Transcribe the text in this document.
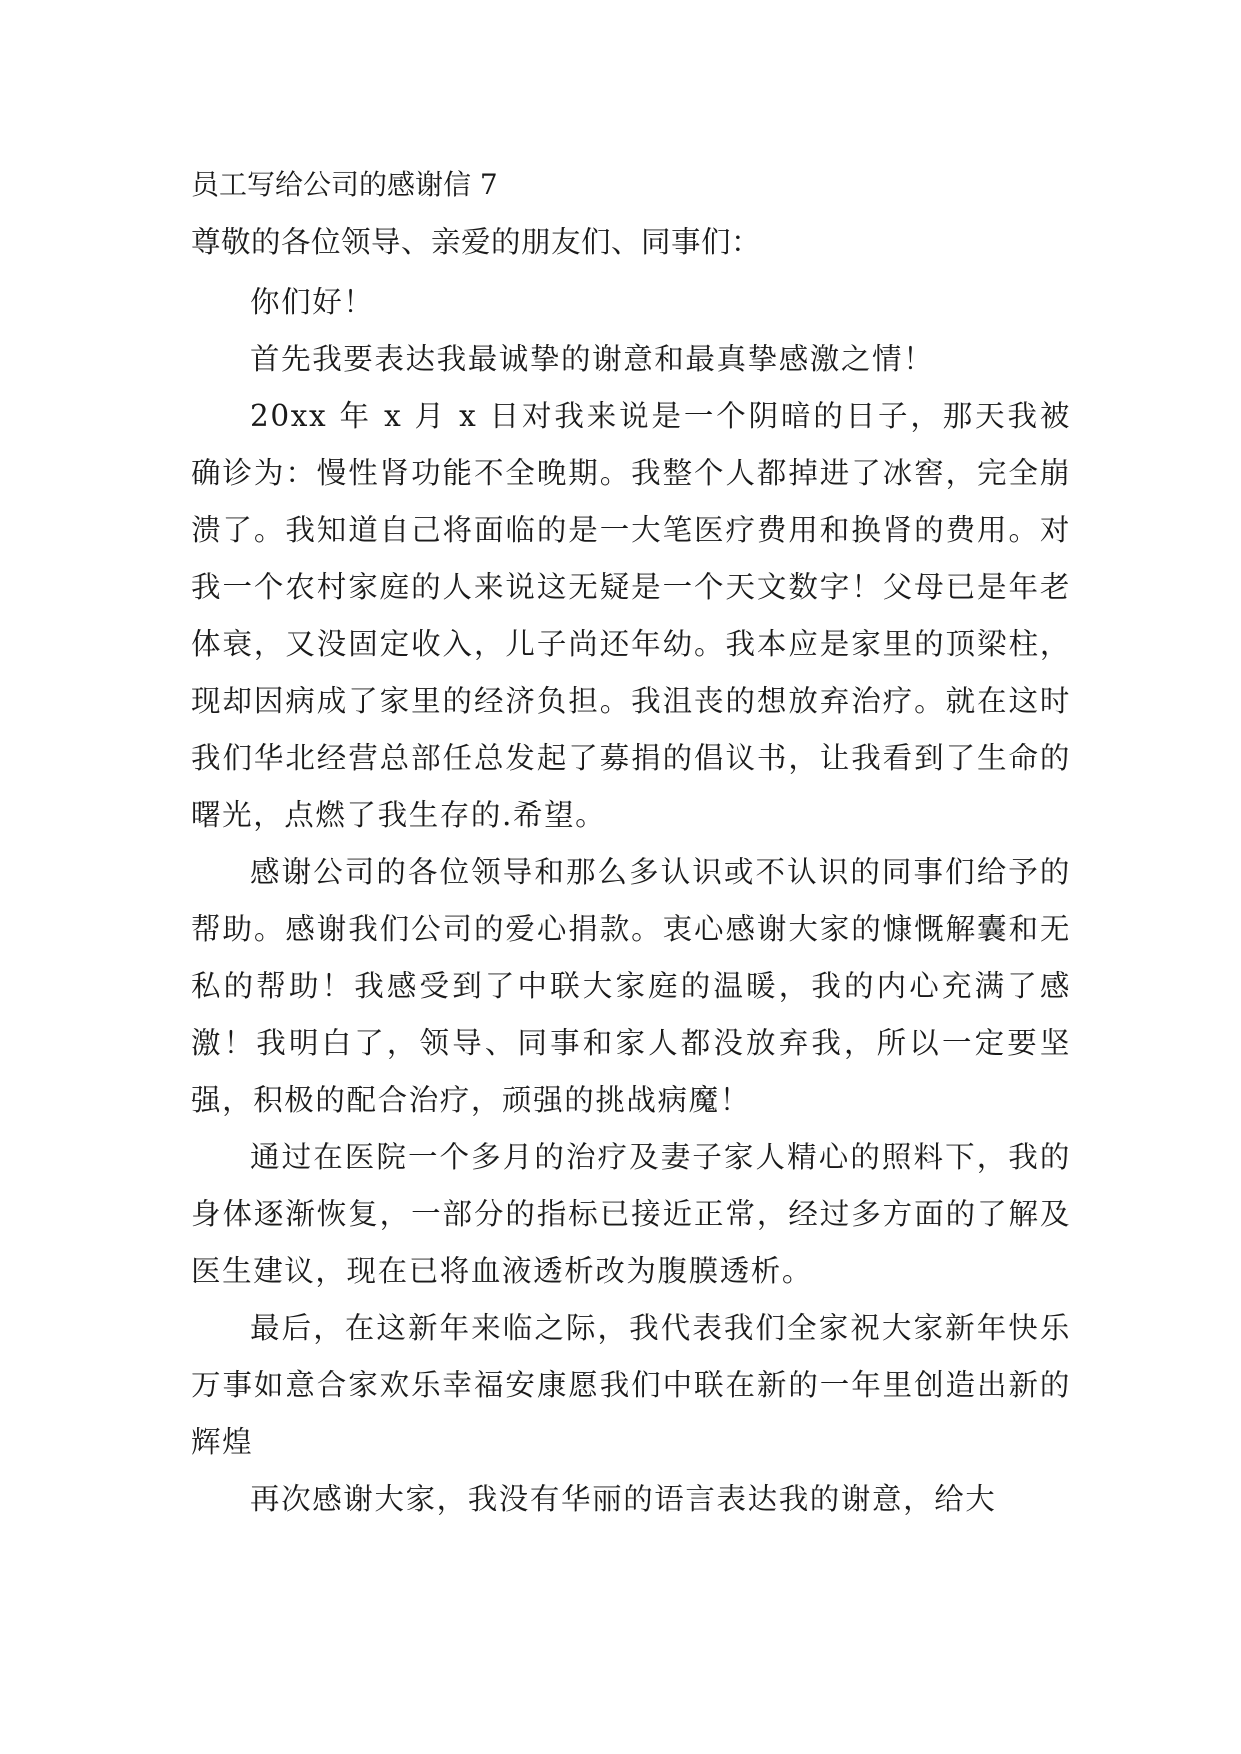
员工写给公司的感谢信 7

尊敬的各位领导、亲爱的朋友们、同事们：

你们好！

首先我要表达我最诚挚的谢意和最真挚感激之情！

20xx 年 x 月 x 日对我来说是一个阴暗的日子，那天我被确诊为：慢性肾功能不全晚期。我整个人都掉进了冰窖，完全崩溃了。我知道自己将面临的是一大笔医疗费用和换肾的费用。对我一个农村家庭的人来说这无疑是一个天文数字！父母已是年老体衰，又没固定收入，儿子尚还年幼。我本应是家里的顶梁柱，现却因病成了家里的经济负担。我沮丧的想放弃治疗。就在这时我们华北经营总部任总发起了募捐的倡议书，让我看到了生命的曙光，点燃了我生存的.希望。

感谢公司的各位领导和那么多认识或不认识的同事们给予的帮助。感谢我们公司的爱心捐款。衷心感谢大家的慷慨解囊和无私的帮助！我感受到了中联大家庭的温暖，我的内心充满了感激！我明白了，领导、同事和家人都没放弃我，所以一定要坚强，积极的配合治疗，顽强的挑战病魔！

通过在医院一个多月的治疗及妻子家人精心的照料下，我的身体逐渐恢复，一部分的指标已接近正常，经过多方面的了解及医生建议，现在已将血液透析改为腹膜透析。

最后，在这新年来临之际，我代表我们全家祝大家新年快乐万事如意合家欢乐幸福安康愿我们中联在新的一年里创造出新的辉煌

再次感谢大家，我没有华丽的语言表达我的谢意，给大
